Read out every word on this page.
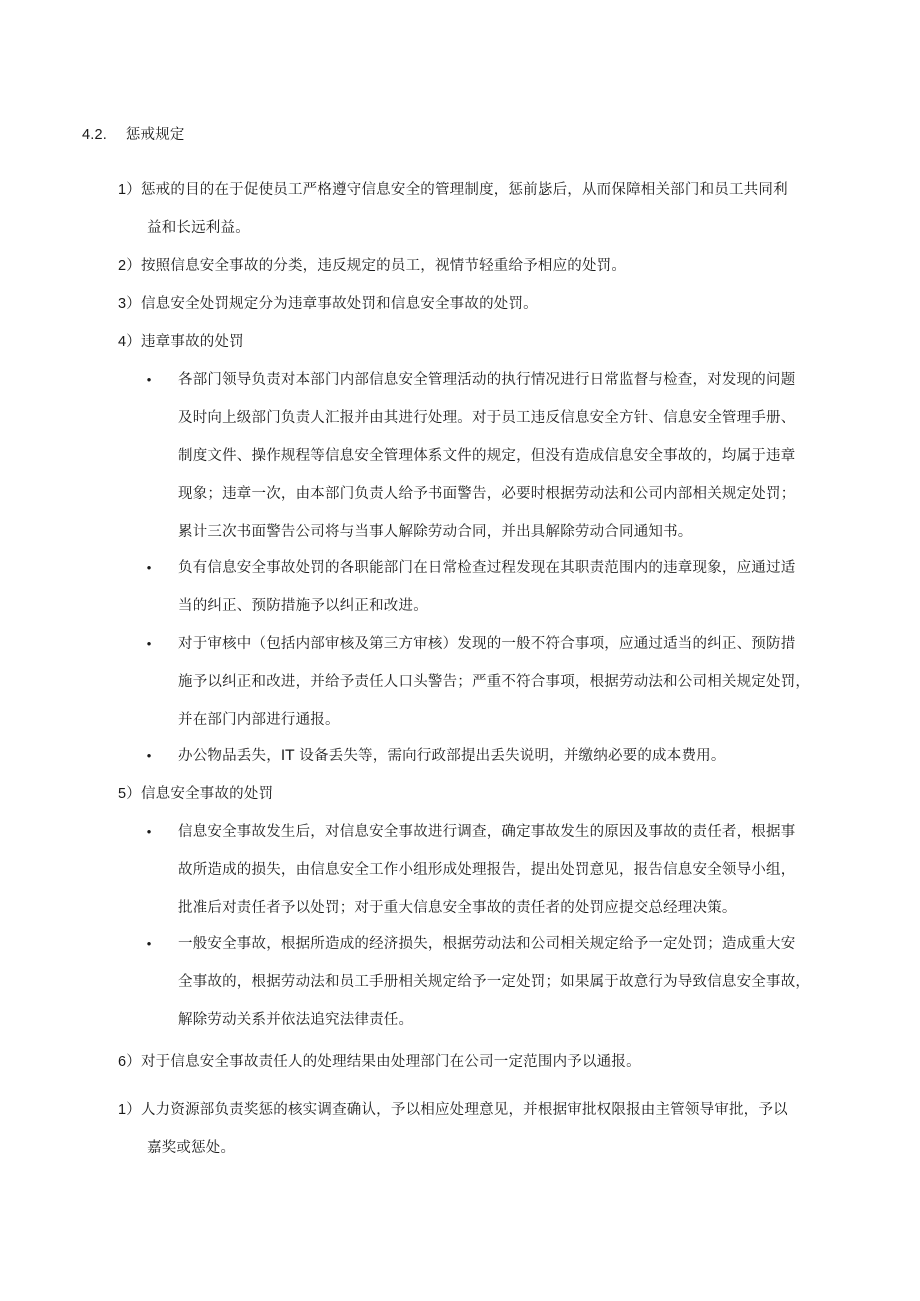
4.2. 惩戒规定
1）惩戒的目的在于促使员工严格遵守信息安全的管理制度，惩前毖后，从而保障相关部门和员工共同利
益和长远利益。
2）按照信息安全事故的分类，违反规定的员工，视情节轻重给予相应的处罚。
3）信息安全处罚规定分为违章事故处罚和信息安全事故的处罚。
4）违章事故的处罚
• 各部门领导负责对本部门内部信息安全管理活动的执行情况进行日常监督与检查，对发现的问题
及时向上级部门负责人汇报并由其进行处理。对于员工违反信息安全方针、信息安全管理手册、
制度文件、操作规程等信息安全管理体系文件的规定，但没有造成信息安全事故的，均属于违章
现象；违章一次，由本部门负责人给予书面警告，必要时根据劳动法和公司内部相关规定处罚；
累计三次书面警告公司将与当事人解除劳动合同，并出具解除劳动合同通知书。
• 负有信息安全事故处罚的各职能部门在日常检查过程发现在其职责范围内的违章现象，应通过适
当的纠正、预防措施予以纠正和改进。
• 对于审核中（包括内部审核及第三方审核）发现的一般不符合事项，应通过适当的纠正、预防措
施予以纠正和改进，并给予责任人口头警告；严重不符合事项，根据劳动法和公司相关规定处罚，
并在部门内部进行通报。
• 办公物品丢失，IT 设备丢失等，需向行政部提出丢失说明，并缴纳必要的成本费用。
5）信息安全事故的处罚
• 信息安全事故发生后，对信息安全事故进行调查，确定事故发生的原因及事故的责任者，根据事
故所造成的损失，由信息安全工作小组形成处理报告，提出处罚意见，报告信息安全领导小组，
批准后对责任者予以处罚；对于重大信息安全事故的责任者的处罚应提交总经理决策。
• 一般安全事故，根据所造成的经济损失，根据劳动法和公司相关规定给予一定处罚；造成重大安
全事故的，根据劳动法和员工手册相关规定给予一定处罚；如果属于故意行为导致信息安全事故，
解除劳动关系并依法追究法律责任。
6）对于信息安全事故责任人的处理结果由处理部门在公司一定范围内予以通报。
1）人力资源部负责奖惩的核实调查确认，予以相应处理意见，并根据审批权限报由主管领导审批，予以
嘉奖或惩处。
